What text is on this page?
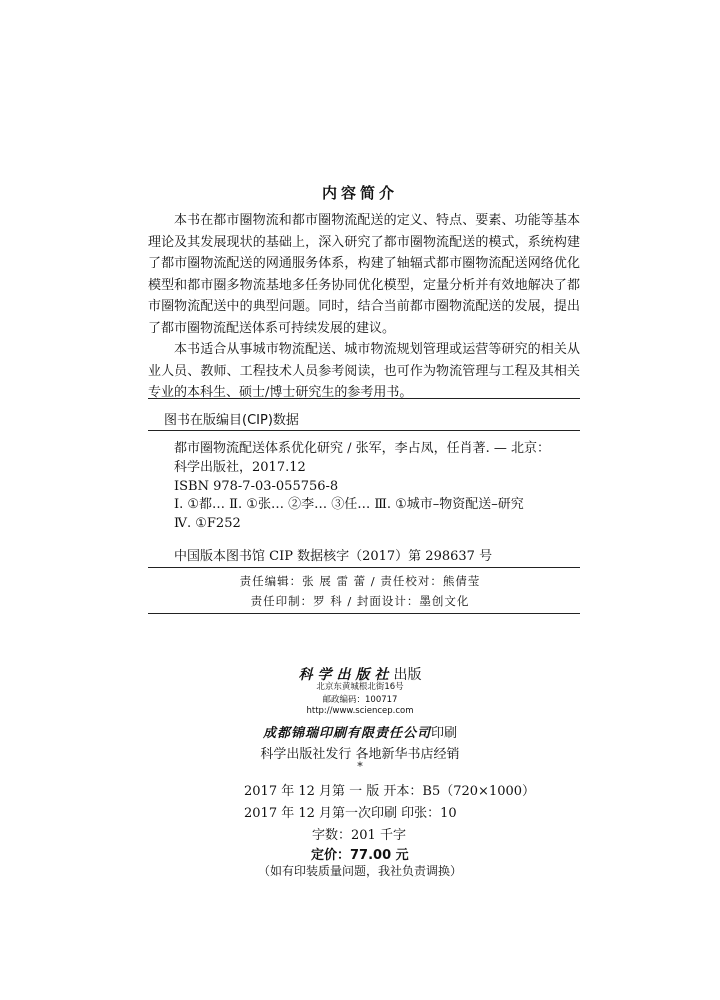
内容简介

本书在都市圈物流和都市圈物流配送的定义、特点、要素、功能等基本理论及其发展现状的基础上，深入研究了都市圈物流配送的模式，系统构建了都市圈物流配送的网通服务体系，构建了轴辐式都市圈物流配送网络优化模型和都市圈多物流基地多任务协同优化模型，定量分析并有效地解决了都市圈物流配送中的典型问题。同时，结合当前都市圈物流配送的发展，提出了都市圈物流配送体系可持续发展的建议。

本书适合从事城市物流配送、城市物流规划管理或运营等研究的相关从业人员、教师、工程技术人员参考阅读，也可作为物流管理与工程及其相关专业的本科生、硕士/博士研究生的参考用书。

图书在版编目(CIP)数据
都市圈物流配送体系优化研究 / 张军，李占凤，任肖著. — 北京：
科学出版社，2017.12
ISBN 978-7-03-055756-8
Ⅰ. ①都… Ⅱ. ①张… ②李… ③任… Ⅲ. ①城市–物资配送–研究
Ⅳ. ①F252
中国版本图书馆 CIP 数据核字（2017）第 298637 号
责任编辑：张 展 雷 蕾 / 责任校对：熊倩莹
责任印制：罗 科 / 封面设计：墨创文化
科学出版社出版
北京东黄城根北街16号
邮政编码：100717
http://www.sciencep.com
成都锦瑞印刷有限责任公司印刷
科学出版社发行 各地新华书店经销
*
2017 年 12 月第 一 版 开本：B5（720×1000）
2017 年 12 月第一次印刷 印张：10
字数：201 千字
定价：77.00 元
（如有印装质量问题，我社负责调换）
